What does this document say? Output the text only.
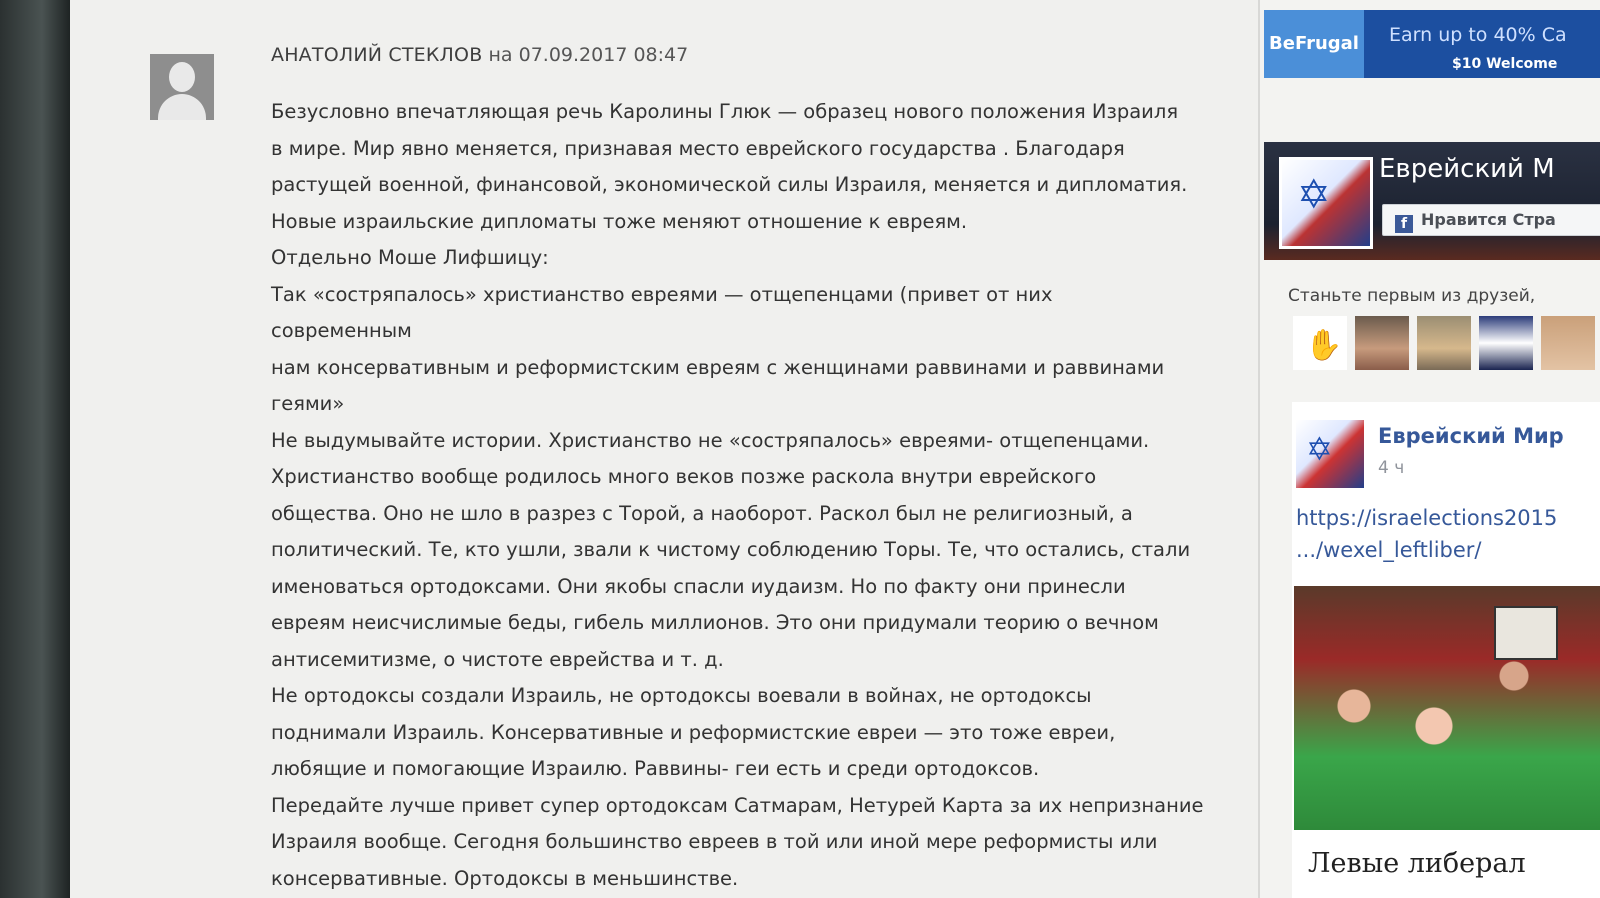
АНАТОЛИЙ СТЕКЛОВ на 07.09.2017 08:47
Безусловно впечатляющая речь Каролины Глюк — образец нового положения Израиля
в мире. Мир явно меняется, признавая место еврейского государства . Благодаря
растущей военной, финансовой, экономической силы Израиля, меняется и дипломатия.
Новые израильские дипломаты тоже меняют отношение к евреям.
Отдельно Моше Лифшицу:
Так «состряпалось» христианство евреями — отщепенцами (привет от них
современным
нам консервативным и реформистским евреям с женщинами раввинами и раввинами
геями»
Не выдумывайте истории. Христианство не «состряпалось» евреями- отщепенцами.
Христианство вообще родилось много веков позже раскола внутри еврейского
общества. Оно не шло в разрез с Торой, а наоборот. Раскол был не религиозный, а
политический. Те, кто ушли, звали к чистому соблюдению Торы. Те, что остались, стали
именоваться ортодоксами. Они якобы спасли иудаизм. Но по факту они принесли
евреям неисчислимые беды, гибель миллионов. Это они придумали теорию о вечном
антисемитизме, о чистоте еврейства и т. д.
Не ортодоксы создали Израиль, не ортодоксы воевали в войнах, не ортодоксы
поднимали Израиль. Консервативные и реформистские евреи — это тоже евреи,
любящие и помогающие Израилю. Раввины- геи есть и среди ортодоксов.
Передайте лучше привет супер ортодоксам Сатмарам, Нетурей Карта за их непризнание
Израиля вообще. Сегодня большинство евреев в той или иной мере реформисты или
консервативные. Ортодоксы в меньшинстве.
BeFrugal Earn up to 40% Ca
$10 Welcome
✡
Еврейский М
f Нравится Стра
Станьте первым из друзей,
✋

✡ Еврейский Мир
4 ч
https://israelections2015
.../wexel_leftliber/
Левые либерал
